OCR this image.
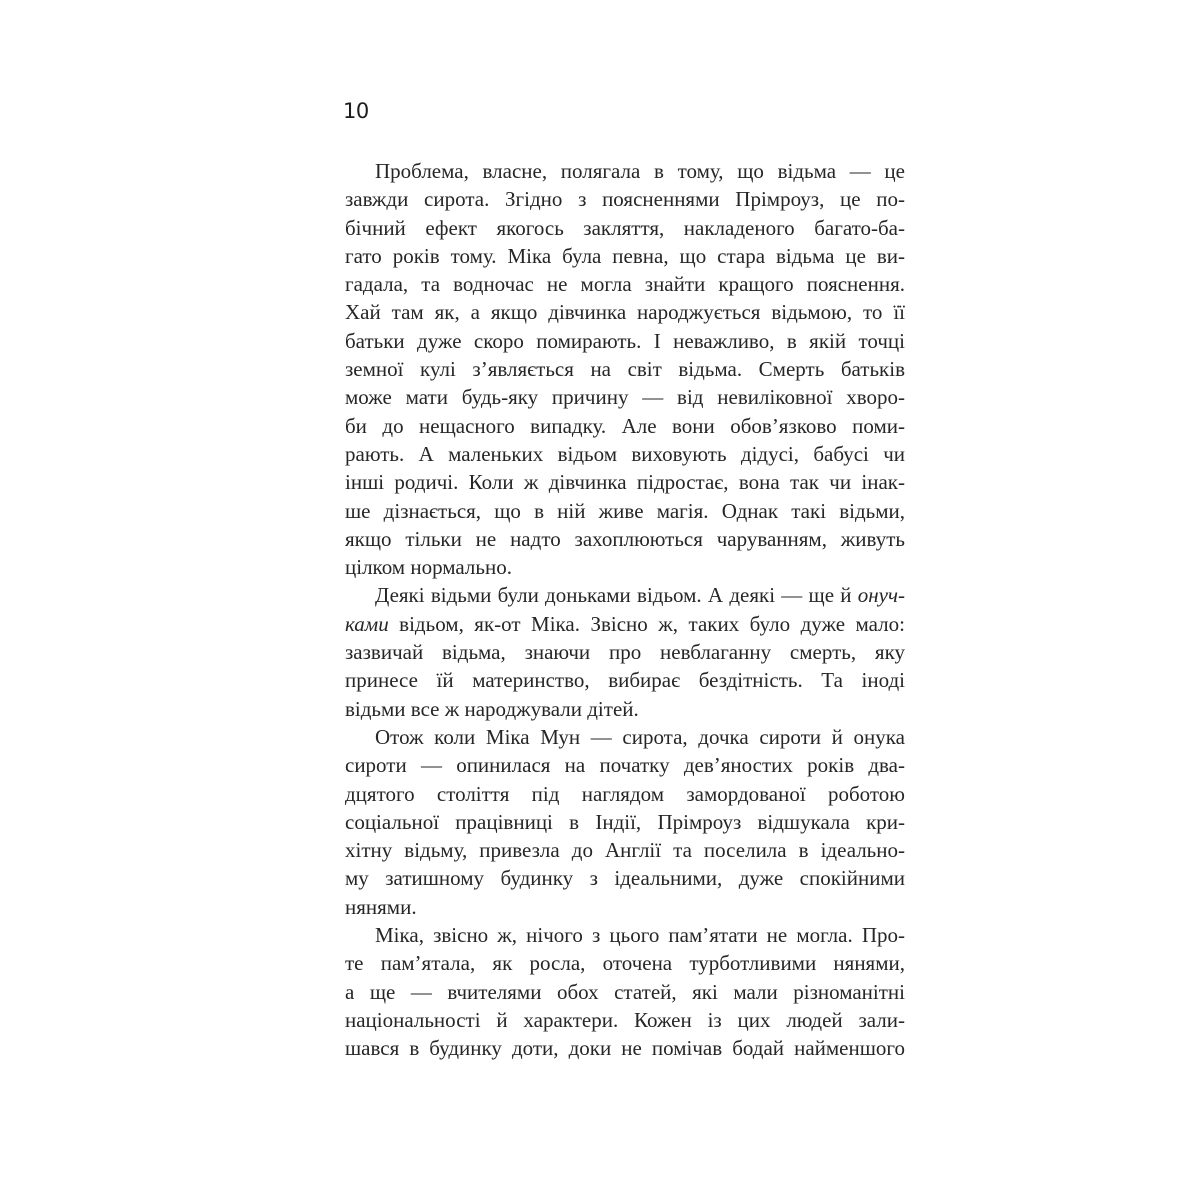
10
Проблема, власне, полягала в тому, що відьма — це
завжди сирота. Згідно з поясненнями Прімроуз, це по-
бічний ефект якогось закляття, накладеного багато-ба-
гато років тому. Міка була певна, що стара відьма це ви-
гадала, та водночас не могла знайти кращого пояснення.
Хай там як, а якщо дівчинка народжується відьмою, то її
батьки дуже скоро помирають. І неважливо, в якій точці
земної кулі з’являється на світ відьма. Смерть батьків
може мати будь-яку причину — від невиліковної хворо-
би до нещасного випадку. Але вони обов’язково поми-
рають. А маленьких відьом виховують дідусі, бабусі чи
інші родичі. Коли ж дівчинка підростає, вона так чи інак-
ше дізнається, що в ній живе магія. Однак такі відьми,
якщо тільки не надто захоплюються чаруванням, живуть
цілком нормально.
Деякі відьми були доньками відьом. А деякі — ще й онуч-
ками відьом, як-от Міка. Звісно ж, таких було дуже мало:
зазвичай відьма, знаючи про невблаганну смерть, яку
принесе їй материнство, вибирає бездітність. Та іноді
відьми все ж народжували дітей.
Отож коли Міка Мун — сирота, дочка сироти й онука
сироти — опинилася на початку дев’яностих років два-
дцятого століття під наглядом замордованої роботою
соціальної працівниці в Індії, Прімроуз відшукала кри-
хітну відьму, привезла до Англії та поселила в ідеально-
му затишному будинку з ідеальними, дуже спокійними
нянями.
Міка, звісно ж, нічого з цього пам’ятати не могла. Про-
те пам’ятала, як росла, оточена турботливими нянями,
а ще — вчителями обох статей, які мали різноманітні
національності й характери. Кожен із цих людей зали-
шався в будинку доти, доки не помічав бодай найменшого
